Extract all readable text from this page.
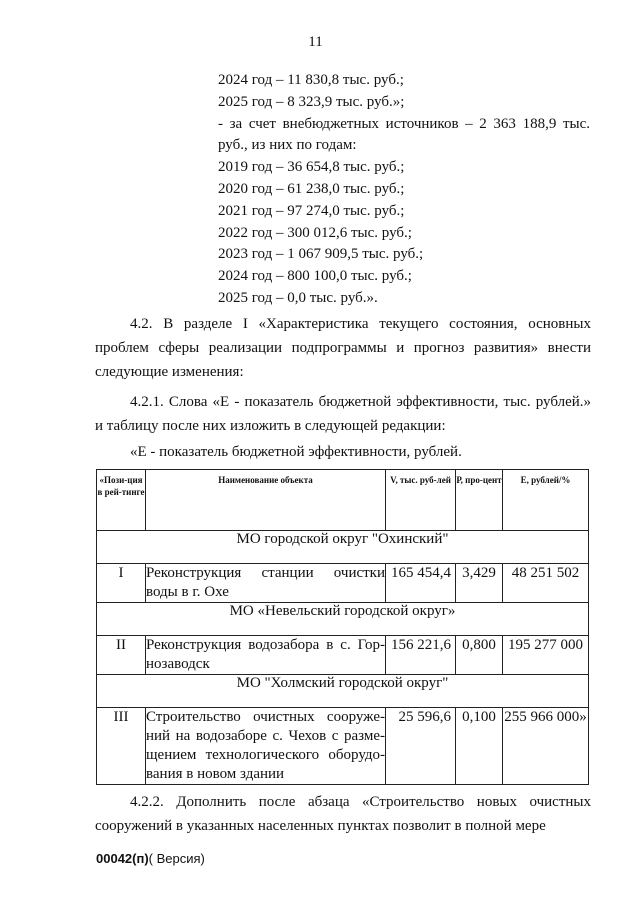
11
2024 год – 11 830,8 тыс. руб.;
2025 год – 8 323,9 тыс. руб.»;
- за счет внебюджетных источников – 2 363 188,9 тыс.
руб., из них по годам:
2019 год – 36 654,8 тыс. руб.;
2020 год – 61 238,0 тыс. руб.;
2021 год – 97 274,0 тыс. руб.;
2022 год – 300 012,6 тыс. руб.;
2023 год – 1 067 909,5 тыс. руб.;
2024 год – 800 100,0 тыс. руб.;
2025 год – 0,0 тыс. руб.».
4.2. В разделе I «Характеристика текущего состояния, основных проблем сферы реализации подпрограммы и прогноз развития» внести следующие изменения:
4.2.1. Слова «Е - показатель бюджетной эффективности, тыс. рублей.» и таблицу после них изложить в следующей редакции:
«Е - показатель бюджетной эффективности, рублей.
«Пози-ция в рей-тинге	Наименование объекта	V, тыс. руб-лей	Р, про-цент	Е, рублей/%
МО городской округ "Охинский"				
I	Реконструкция станции очистки воды в г. Охе	165 454,4	3,429	48 251 502
МО «Невельский городской округ»				
II	Реконструкция водозабора в с. Гор-нозаводск	156 221,6	0,800	195 277 000
МО "Холмский городской округ"				
III	Строительство очистных сооруже-ний на водозаборе с. Чехов с разме-щением технологического оборудо-вания в новом здании	25 596,6	0,100	255 966 000»
4.2.2. Дополнить после абзаца «Строительство новых очистных сооружений в указанных населенных пунктах позволит в полной мере
00042(п)( Версия)
